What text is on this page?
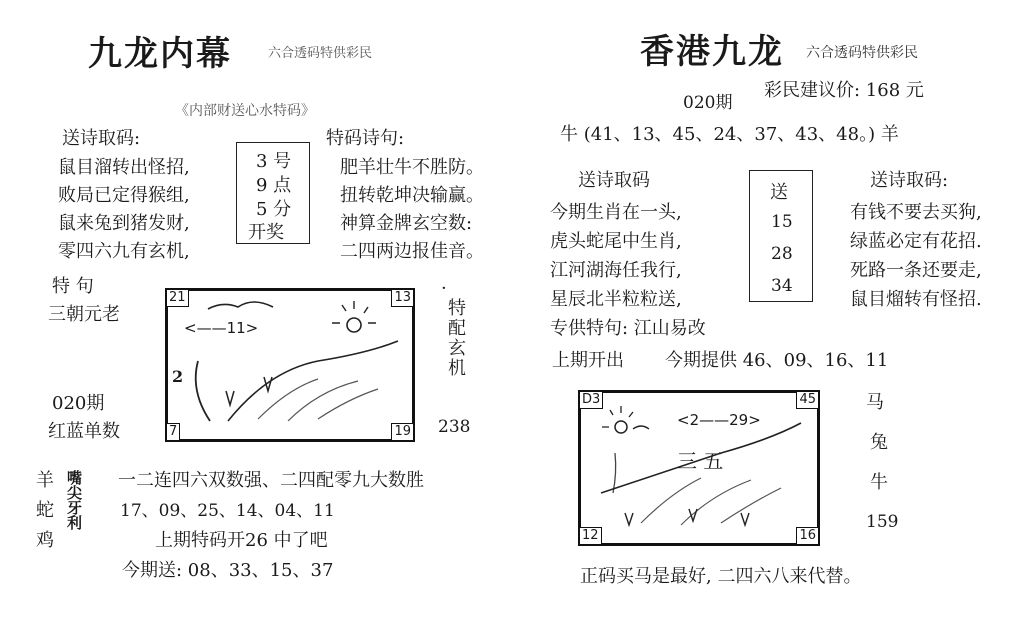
九龙内幕	六合透码特供彩民
《内部财送心水特码》
送诗取码:
鼠目溜转出怪招,
败局已定得猴组,
鼠来兔到猪发财,
零四六九有玄机,
3 号
9 点
5 分
开奖
特码诗句:
肥羊壮牛不胜防。
扭转乾坤决输赢。
神算金牌玄空数:
二四两边报佳音。
特 句
三朝元老
020期
红蓝单数
21	13
7	19
2
<——11>
·
特配玄机
238
羊
蛇
鸡
嘴尖牙利 一二连四六双数强、二四配零九大数胜
17、09、25、14、04、11
上期特码开26 中了吧
今期送: 08、33、15、37
香港九龙 六合透码特供彩民
020期
彩民建议价: 168 元
牛 (41、13、45、24、37、43、48。) 羊
送诗取码
今期生肖在一头,
虎头蛇尾中生肖,
江河湖海任我行,
星辰北半粒粒送,
专供特句: 江山易改
送
15
28
34
送诗取码:
有钱不要去买狗,
绿蓝必定有花招.
死路一条还要走,
鼠目熘转有怪招.
上期开出 今期提供 46、09、16、11
D3	45
12	16
<2——29>
三 五
马
兔
牛
159
正码买马是最好, 二四六八来代替。
